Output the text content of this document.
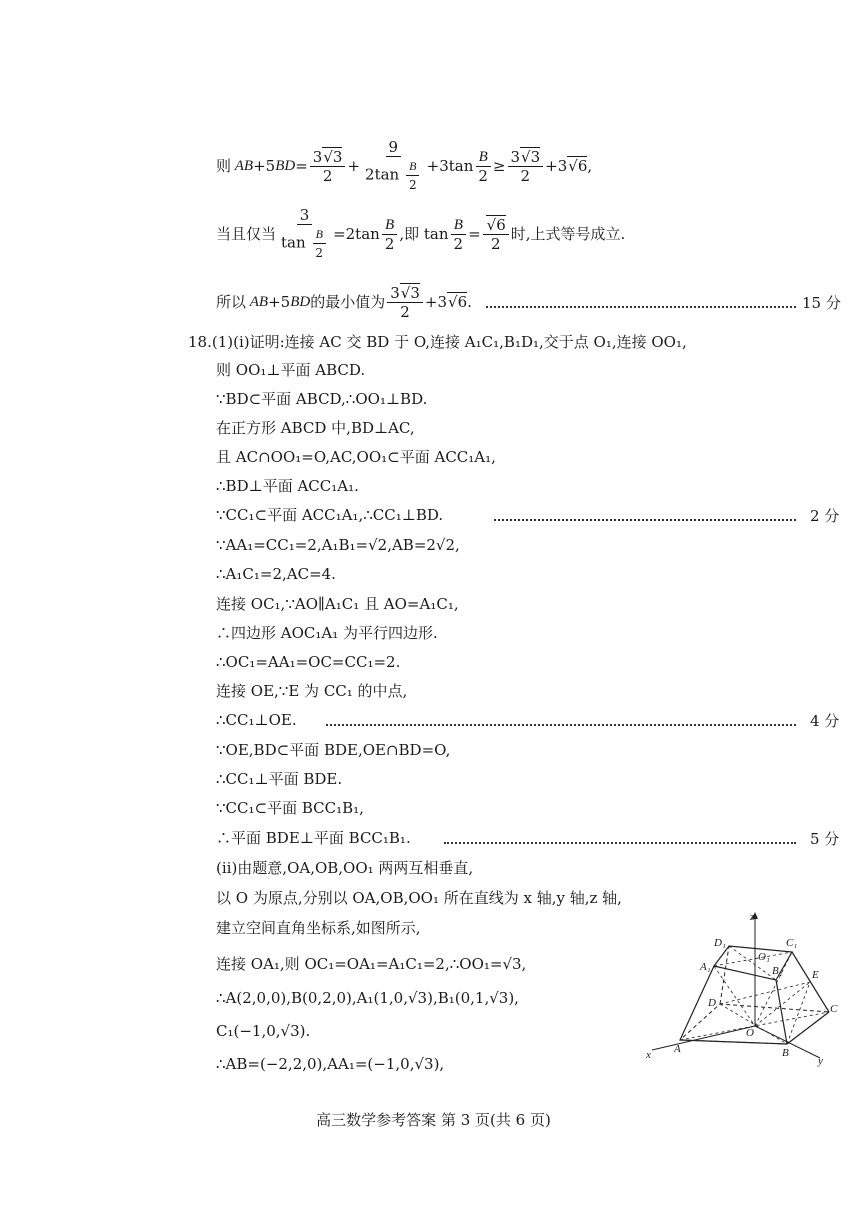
则 AB +5 BD = $\frac{3√3}{2} + \frac{9}{2\tan \frac{B}{2}} +3\tan \frac{B}{2} \ge \frac{3√3}{2} +3√6$,
当且仅当 $\frac{3}{\tan \frac{B}{2}} =2\tan \frac{B}{2}$ ,即 $\tan \frac{B}{2} = \frac{√6}{2}$ 时,上式等号成立.
所以 AB +5 BD 的最小值为 $\frac{3√3}{2} +3√6$.	15 分
18.(1)(ⅰ)证明:连接 AC 交 BD 于 O,连接 A₁C₁,B₁D₁,交于点 O₁,连接 OO₁,
则 OO₁⊥平面 ABCD.
∵BD⊂平面 ABCD,∴OO₁⊥BD.
在正方形 ABCD 中,BD⊥AC,
且 AC∩OO₁=O,AC,OO₁⊂平面 ACC₁A₁,
∴BD⊥平面 ACC₁A₁.
∵CC₁⊂平面 ACC₁A₁,∴CC₁⊥BD.	2 分
∵AA₁=CC₁=2,A₁B₁=√2,AB=2√2,
∴A₁C₁=2,AC=4.
连接 OC₁,∵AO∥A₁C₁ 且 AO=A₁C₁,
∴四边形 AOC₁A₁ 为平行四边形.
∴OC₁=AA₁=OC=CC₁=2.
连接 OE,∵E 为 CC₁ 的中点,
∴CC₁⊥OE.	4 分
∵OE,BD⊂平面 BDE,OE∩BD=O,
∴CC₁⊥平面 BDE.
∵CC₁⊂平面 BCC₁B₁,
∴平面 BDE⊥平面 BCC₁B₁.	5 分
(ⅱ)由题意,OA,OB,OO₁ 两两互相垂直,
以 O 为原点,分别以 OA,OB,OO₁ 所在直线为 x 轴,y 轴,z 轴,
建立空间直角坐标系,如图所示,
连接 OA₁,则 OC₁=OA₁=A₁C₁=2,∴OO₁=√3,
∴A(2,0,0),B(0,2,0),A₁(1,0,√3),B₁(0,1,√3),
C₁(−1,0,√3).
∴AB=(−2,2,0),AA₁=(−1,0,√3),
z
x	y
D₁	C₁
A₁
O₁
B₁	E
D	C
O
A	B
高三数学参考答案 第 3 页(共 6 页)
